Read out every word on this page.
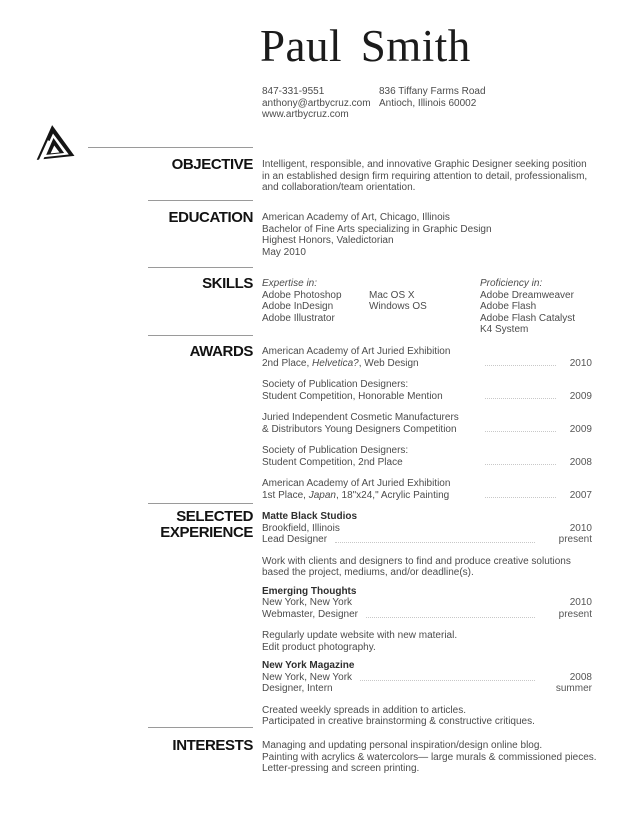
Paul Smith
847-331-9551
anthony@artbycruz.com
www.artbycruz.com
836 Tiffany Farms Road
Antioch, Illinois 60002
OBJECTIVE Intelligent, responsible, and innovative Graphic Designer seeking position
in an established design firm requiring attention to detail, professionalism,
and collaboration/team orientation.
EDUCATION American Academy of Art, Chicago, Illinois
Bachelor of Fine Arts specializing in Graphic Design
Highest Honors, Valedictorian
May 2010
SKILLS Expertise in:
Adobe Photoshop
Adobe InDesign
Adobe Illustrator
Mac OS X
Windows OS
Proficiency in:
Adobe Dreamweaver
Adobe Flash
Adobe Flash Catalyst
K4 System
AWARDS American Academy of Art Juried Exhibition
2nd Place, Helvetica?, Web Design	2010
Society of Publication Designers:
Student Competition, Honorable Mention	2009
Juried Independent Cosmetic Manufacturers
& Distributors Young Designers Competition	2009
Society of Publication Designers:
Student Competition, 2nd Place	2008
American Academy of Art Juried Exhibition
1st Place, Japan, 18"x24," Acrylic Painting	2007
SELECTED
EXPERIENCE
Matte Black Studios
Brookfield, Illinois	2010
Lead Designer	present
Work with clients and designers to find and produce creative solutions
based the project, mediums, and/or deadline(s).
Emerging Thoughts
New York, New York	2010
Webmaster, Designer	present
Regularly update website with new material.
Edit product photography.
New York Magazine
New York, New York	2008
Designer, Intern	summer
Created weekly spreads in addition to articles.
Participated in creative brainstorming & constructive critiques.
INTERESTS Managing and updating personal inspiration/design online blog.
Painting with acrylics & watercolors— large murals & commissioned pieces.
Letter-pressing and screen printing.
